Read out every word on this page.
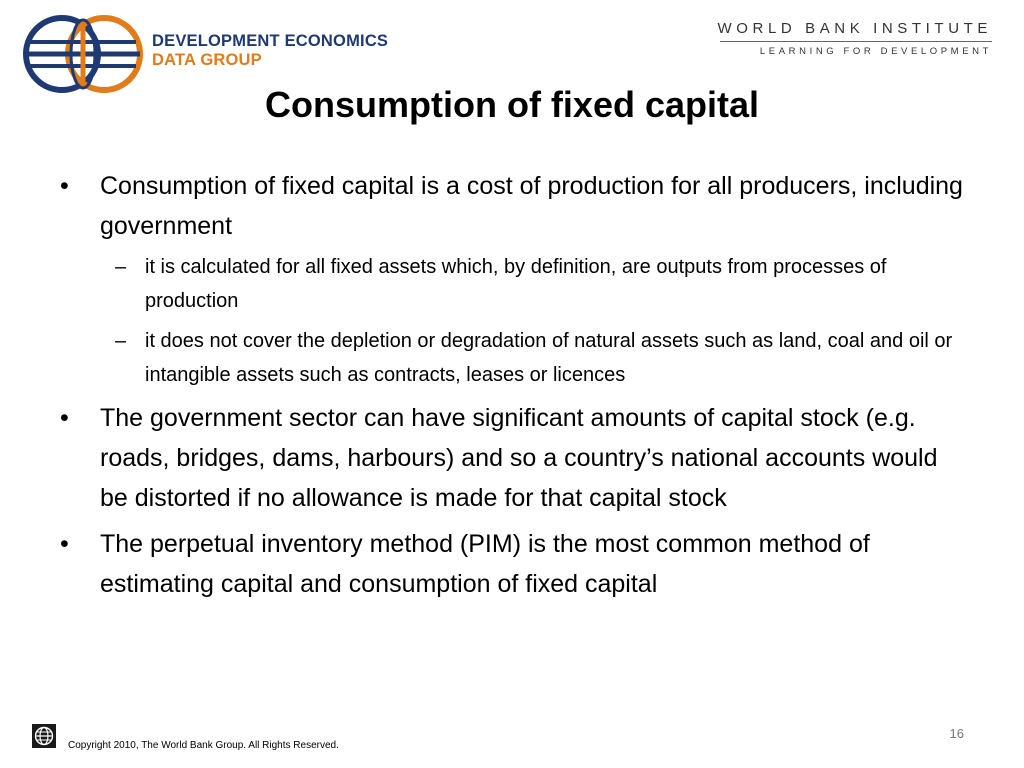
DEVELOPMENT ECONOMICS
DATA GROUP
WORLD BANK INSTITUTE
LEARNING FOR DEVELOPMENT
Consumption of fixed capital
• Consumption of fixed capital is a cost of production for all producers, including government
– it is calculated for all fixed assets which, by definition, are outputs from processes of production
– it does not cover the depletion or degradation of natural assets such as land, coal and oil or intangible assets such as contracts, leases or licences
• The government sector can have significant amounts of capital stock (e.g. roads, bridges, dams, harbours) and so a country’s national accounts would be distorted if no allowance is made for that capital stock
• The perpetual inventory method (PIM) is the most common method of estimating capital and consumption of fixed capital
Copyright 2010, The World Bank Group. All Rights Reserved.
16
